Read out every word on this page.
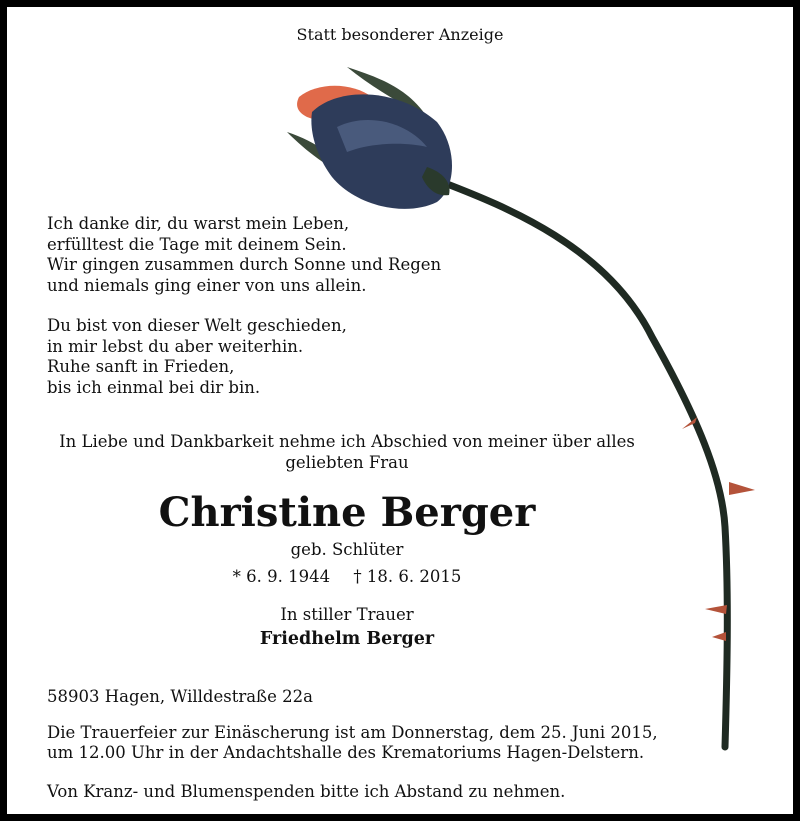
Statt besonderer Anzeige
Ich danke dir, du warst mein Leben,
erfülltest die Tage mit deinem Sein.
Wir gingen zusammen durch Sonne und Regen
und niemals ging einer von uns allein.
Du bist von dieser Welt geschieden,
in mir lebst du aber weiterhin.
Ruhe sanft in Frieden,
bis ich einmal bei dir bin.
In Liebe und Dankbarkeit nehme ich Abschied von meiner über alles
geliebten Frau
Christine Berger
geb. Schlüter
* 6. 9. 1944 † 18. 6. 2015
In stiller Trauer
Friedhelm Berger
58903 Hagen, Willdestraße 22a
Die Trauerfeier zur Einäscherung ist am Donnerstag, dem 25. Juni 2015,
um 12.00 Uhr in der Andachtshalle des Krematoriums Hagen-Delstern.
Von Kranz- und Blumenspenden bitte ich Abstand zu nehmen.
